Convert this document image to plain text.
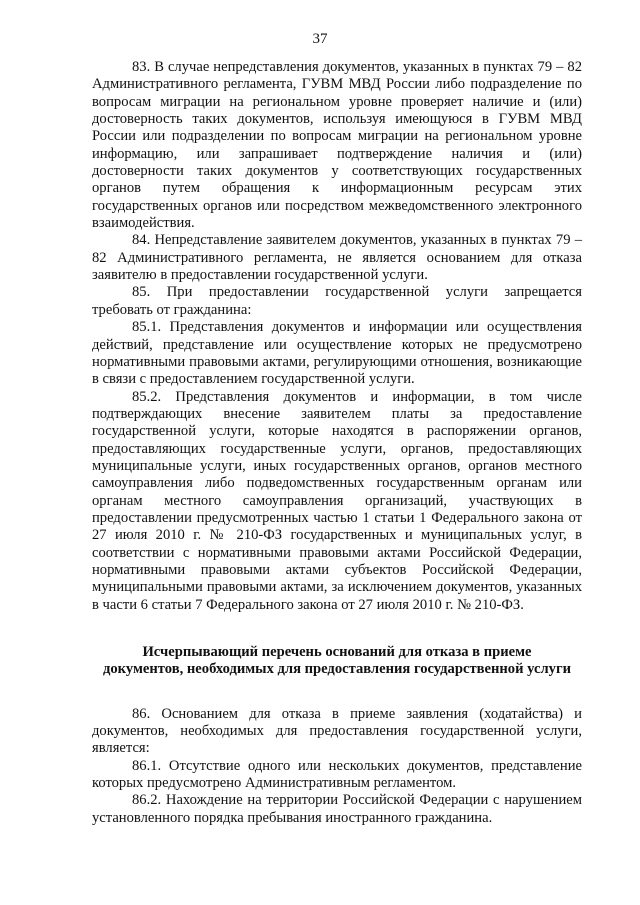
37

83. В случае непредставления документов, указанных в пунктах 79 – 82 Административного регламента, ГУВМ МВД России либо подразделение по вопросам миграции на региональном уровне проверяет наличие и (или) достоверность таких документов, используя имеющуюся в ГУВМ МВД России или подразделении по вопросам миграции на региональном уровне информацию, или запрашивает подтверждение наличия и (или) достоверности таких документов у соответствующих государственных органов путем обращения к информационным ресурсам этих государственных органов или посредством межведомственного электронного взаимодействия.

84. Непредставление заявителем документов, указанных в пунктах 79 – 82 Административного регламента, не является основанием для отказа заявителю в предоставлении государственной услуги.

85. При предоставлении государственной услуги запрещается требовать от гражданина:

85.1. Представления документов и информации или осуществления действий, представление или осуществление которых не предусмотрено нормативными правовыми актами, регулирующими отношения, возникающие в связи с предоставлением государственной услуги.

85.2. Представления документов и информации, в том числе подтверждающих внесение заявителем платы за предоставление государственной услуги, которые находятся в распоряжении органов, предоставляющих государственные услуги, органов, предоставляющих муниципальные услуги, иных государственных органов, органов местного самоуправления либо подведомственных государственным органам или органам местного самоуправления организаций, участвующих в предоставлении предусмотренных частью 1 статьи 1 Федерального закона от 27 июля 2010 г. № 210-ФЗ государственных и муниципальных услуг, в соответствии с нормативными правовыми актами Российской Федерации, нормативными правовыми актами субъектов Российской Федерации, муниципальными правовыми актами, за исключением документов, указанных в части 6 статьи 7 Федерального закона от 27 июля 2010 г. № 210-ФЗ.

Исчерпывающий перечень оснований для отказа в приеме

документов, необходимых для предоставления государственной услуги

86. Основанием для отказа в приеме заявления (ходатайства) и документов, необходимых для предоставления государственной услуги, является:

86.1. Отсутствие одного или нескольких документов, представление которых предусмотрено Административным регламентом.

86.2. Нахождение на территории Российской Федерации с нарушением установленного порядка пребывания иностранного гражданина.
